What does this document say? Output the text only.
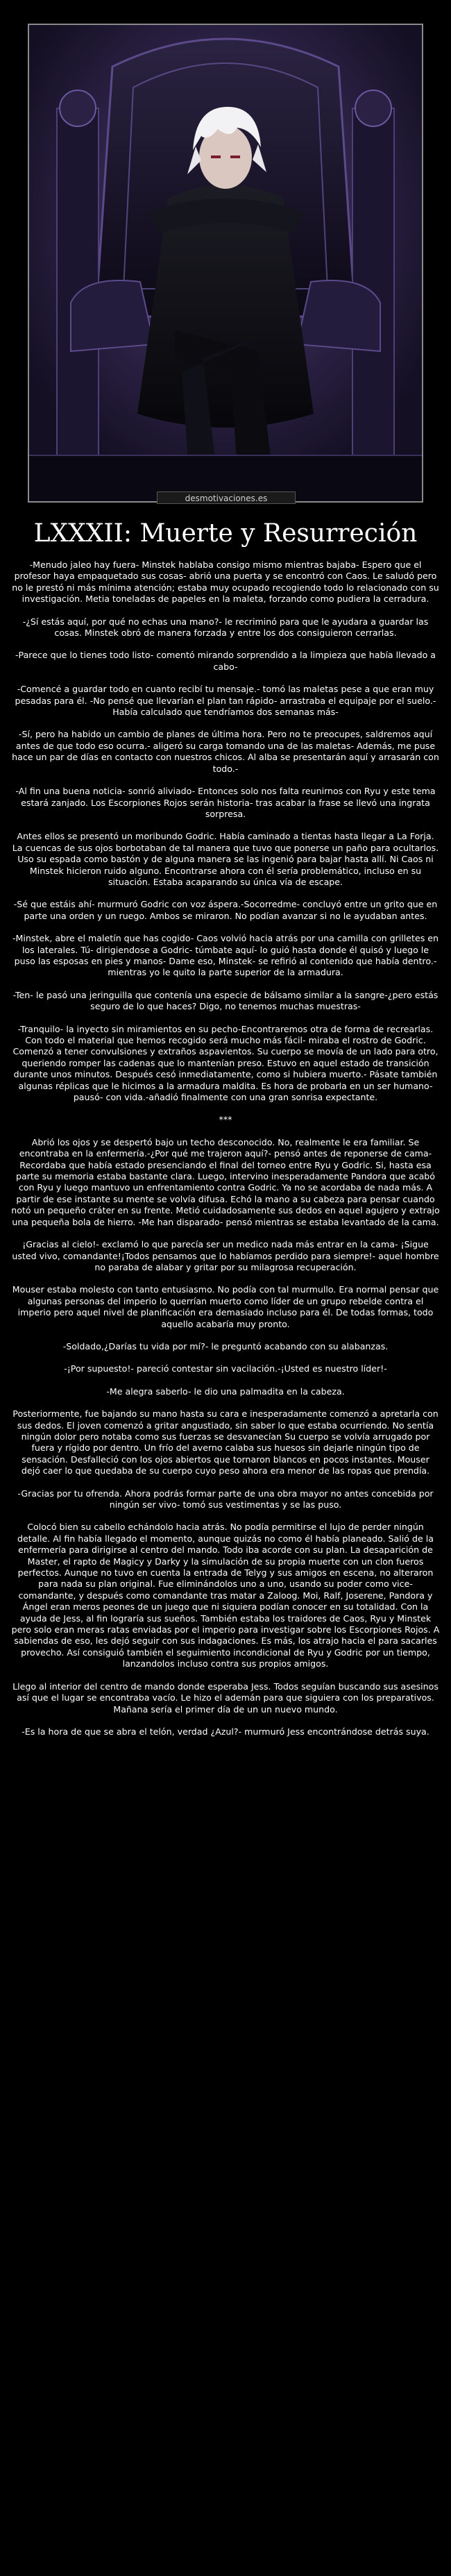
desmotivaciones.es
LXXXII: Muerte y Resurreción

-Menudo jaleo hay fuera- Minstek hablaba consigo mismo mientras bajaba- Espero que el profesor haya empaquetado sus cosas- abrió una puerta y se encontró con Caos. Le saludó pero no le prestó ni más mínima atención; estaba muy ocupado recogiendo todo lo relacionado con su investigación. Metia toneladas de papeles en la maleta, forzando como pudiera la cerradura.

-¿Sí estás aquí, por qué no echas una mano?- le recriminó para que le ayudara a guardar las cosas. Minstek obró de manera forzada y entre los dos consiguieron cerrarlas.

-Parece que lo tienes todo listo- comentó mirando sorprendido a la limpieza que había llevado a cabo-

-Comencé a guardar todo en cuanto recibí tu mensaje.- tomó las maletas pese a que eran muy pesadas para él. -No pensé que llevarían el plan tan rápido- arrastraba el equipaje por el suelo.- Había calculado que tendríamos dos semanas más-

-Sí, pero ha habido un cambio de planes de última hora. Pero no te preocupes, saldremos aquí antes de que todo eso ocurra.- aligeró su carga tomando una de las maletas- Además, me puse hace un par de días en contacto con nuestros chicos. Al alba se presentarán aquí y arrasarán con todo.-

-Al fin una buena noticia- sonrió aliviado- Entonces solo nos falta reunirnos con Ryu y este tema estará zanjado. Los Escorpiones Rojos serán historia- tras acabar la frase se llevó una ingrata sorpresa.

Antes ellos se presentó un moribundo Godric. Había caminado a tientas hasta llegar a La Forja. La cuencas de sus ojos borbotaban de tal manera que tuvo que ponerse un paño para ocultarlos. Uso su espada como bastón y de alguna manera se las ingenió para bajar hasta allí. Ni Caos ni Minstek hicieron ruido alguno. Encontrarse ahora con él sería problemático, incluso en su situación. Estaba acaparando su única vía de escape.

-Sé que estáis ahí- murmuró Godric con voz áspera.-Socorredme- concluyó entre un grito que en parte una orden y un ruego. Ambos se miraron. No podían avanzar si no le ayudaban antes.

-Minstek, abre el maletín que has cogido- Caos volvió hacia atrás por una camilla con grilletes en los laterales. Tú- dirigiendose a Godric- túmbate aquí- lo guió hasta donde él quisó y luego le puso las esposas en pies y manos- Dame eso, Minstek- se refirió al contenido que había dentro.- mientras yo le quito la parte superior de la armadura.

-Ten- le pasó una jeringuilla que contenía una especie de bálsamo similar a la sangre-¿pero estás seguro de lo que haces? Digo, no tenemos muchas muestras-

-Tranquilo- la inyecto sin miramientos en su pecho-Encontraremos otra de forma de recrearlas. Con todo el material que hemos recogido será mucho más fácil- miraba el rostro de Godric. Comenzó a tener convulsiones y extraños aspavientos. Su cuerpo se movía de un lado para otro, queriendo romper las cadenas que lo mantenían preso. Estuvo en aquel estado de transición durante unos minutos. Después cesó inmediatamente, como si hubiera muerto.- Pásate también algunas réplicas que le hicimos a la armadura maldita. Es hora de probarla en un ser humano- pausó- con vida.-añadió finalmente con una gran sonrisa expectante.

***

Abrió los ojos y se despertó bajo un techo desconocido. No, realmente le era familiar. Se encontraba en la enfermería.-¿Por qué me trajeron aquí?- pensó antes de reponerse de cama- Recordaba que había estado presenciando el final del torneo entre Ryu y Godric. Si, hasta esa parte su memoria estaba bastante clara. Luego, intervino inesperadamente Pandora que acabó con Ryu y luego mantuvo un enfrentamiento contra Godric. Ya no se acordaba de nada más. A partir de ese instante su mente se volvía difusa. Echó la mano a su cabeza para pensar cuando notó un pequeño cráter en su frente. Metió cuidadosamente sus dedos en aquel agujero y extrajo una pequeña bola de hierro. -Me han disparado- pensó mientras se estaba levantado de la cama.

¡Gracias al cielo!- exclamó lo que parecía ser un medico nada más entrar en la cama- ¡Sigue usted vivo, comandante!¡Todos pensamos que lo habíamos perdido para siempre!- aquel hombre no paraba de alabar y gritar por su milagrosa recuperación.

Mouser estaba molesto con tanto entusiasmo. No podía con tal murmullo. Era normal pensar que algunas personas del imperio lo querrían muerto como líder de un grupo rebelde contra el imperio pero aquel nivel de planificación era demasiado incluso para él. De todas formas, todo aquello acabaría muy pronto.

-Soldado,¿Darías tu vida por mí?- le preguntó acabando con su alabanzas.

-¡Por supuesto!- pareció contestar sin vacilación.-¡Usted es nuestro líder!-

-Me alegra saberlo- le dio una palmadita en la cabeza.

Posteriormente, fue bajando su mano hasta su cara e inesperadamente comenzó a apretarla con sus dedos. El joven comenzó a gritar angustiado, sin saber lo que estaba ocurriendo. No sentía ningún dolor pero notaba como sus fuerzas se desvanecían Su cuerpo se volvía arrugado por fuera y rígido por dentro. Un frío del averno calaba sus huesos sin dejarle ningún tipo de sensación. Desfalleció con los ojos abiertos que tornaron blancos en pocos instantes. Mouser dejó caer lo que quedaba de su cuerpo cuyo peso ahora era menor de las ropas que prendía.

-Gracias por tu ofrenda. Ahora podrás formar parte de una obra mayor no antes concebida por ningún ser vivo- tomó sus vestimentas y se las puso.

Colocó bien su cabello echándolo hacia atrás. No podía permitirse el lujo de perder ningún detalle. Al fin había llegado el momento, aunque quizás no como él había planeado. Salió de la enfermería para dirigirse al centro del mando. Todo iba acorde con su plan. La desaparición de Master, el rapto de Magicy y Darky y la simulación de su propia muerte con un clon fueros perfectos. Aunque no tuvo en cuenta la entrada de Telyg y sus amigos en escena, no alteraron para nada su plan original. Fue eliminándolos uno a uno, usando su poder como vice-comandante, y después como comandante tras matar a Zaloog. Moi, Ralf, Joserene, Pandora y Ángel eran meros peones de un juego que ni siquiera podían conocer en su totalidad. Con la ayuda de Jess, al fin lograría sus sueños. También estaba los traidores de Caos, Ryu y Minstek pero solo eran meras ratas enviadas por el imperio para investigar sobre los Escorpiones Rojos. A sabiendas de eso, les dejó seguir con sus indagaciones. Es más, los atrajo hacia el para sacarles provecho. Así consiguió también el seguimiento incondicional de Ryu y Godric por un tiempo, lanzandolos incluso contra sus propios amigos.

Llego al interior del centro de mando donde esperaba Jess. Todos seguían buscando sus asesinos así que el lugar se encontraba vacío. Le hizo el ademán para que siguiera con los preparativos. Mañana sería el primer día de un un nuevo mundo.

-Es la hora de que se abra el telón, verdad ¿Azul?- murmuró Jess encontrándose detrás suya.
